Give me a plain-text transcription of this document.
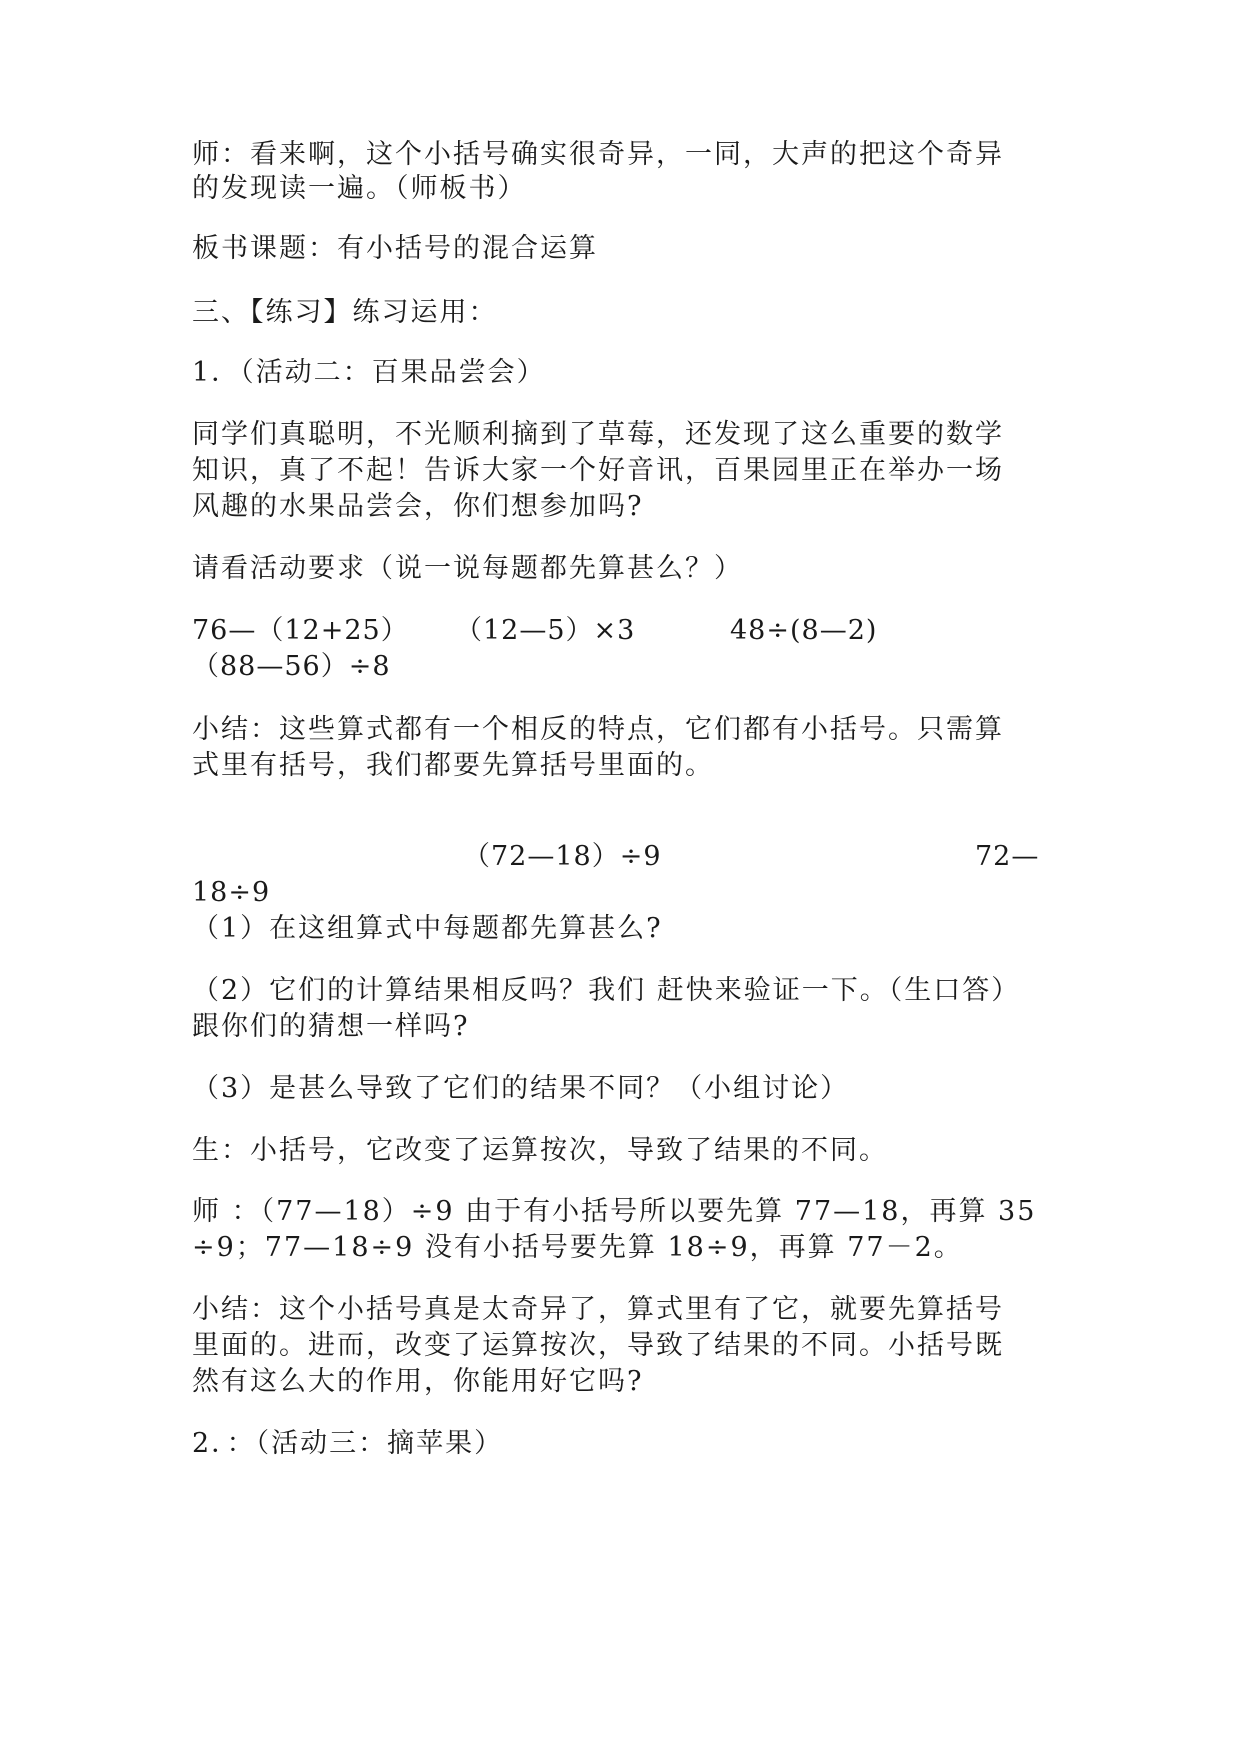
师：看来啊，这个小括号确实很奇异，一同，大声的把这个奇异
的发现读一遍。（师板书）
板书课题：有小括号的混合运算
三、【练习】练习运用：
1．（活动二：百果品尝会）
同学们真聪明，不光顺利摘到了草莓，还发现了这么重要的数学
知识，真了不起！告诉大家一个好音讯，百果园里正在举办一场
风趣的水果品尝会，你们想参加吗?
请看活动要求（说一说每题都先算甚么？）
76—（12+25） （12—5）×3	48÷(8—2)
（88—56）÷8
小结：这些算式都有一个相反的特点，它们都有小括号。只需算
式里有括号，我们都要先算括号里面的。
（72—18）÷9	72—
18÷9
（1）在这组算式中每题都先算甚么?
（2）它们的计算结果相反吗？我们 赶快来验证一下。（生口答）
跟你们的猜想一样吗?
（3）是甚么导致了它们的结果不同？（小组讨论）
生：小括号，它改变了运算按次，导致了结果的不同。
师 ：（77—18）÷9 由于有小括号所以要先算 77—18，再算 35
÷9；77—18÷9 没有小括号要先算 18÷9，再算 77－2。
小结：这个小括号真是太奇异了，算式里有了它，就要先算括号
里面的。进而，改变了运算按次，导致了结果的不同。小括号既
然有这么大的作用，你能用好它吗?
2．：（活动三：摘苹果）
